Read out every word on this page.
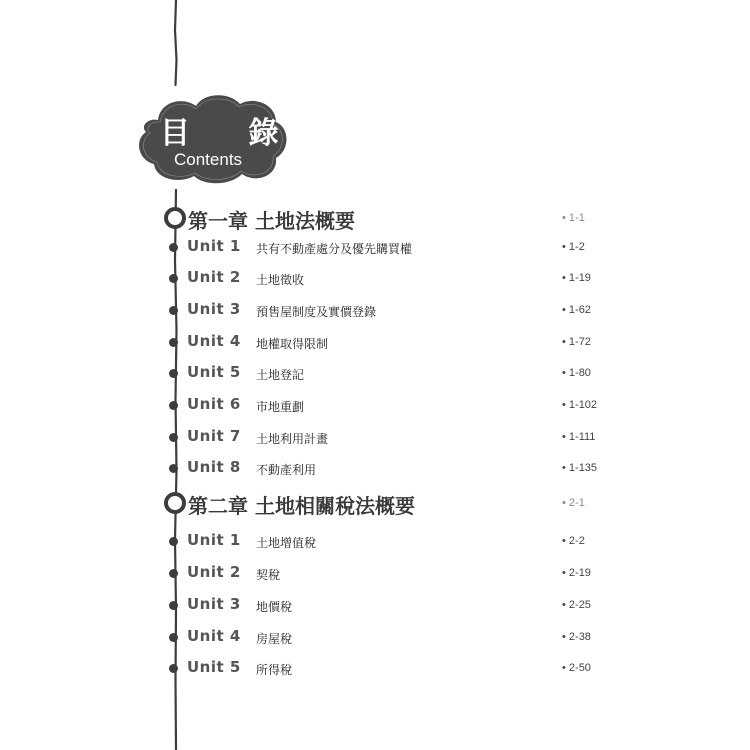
目 錄
Contents
第一章 土地法概要	• 1-1
Unit 1 共有不動產處分及優先購買權	• 1-2
Unit 2 土地徵收	• 1-19
Unit 3 預售屋制度及實價登錄	• 1-62
Unit 4 地權取得限制	• 1-72
Unit 5 土地登記	• 1-80
Unit 6 市地重劃	• 1-102
Unit 7 土地利用計畫	• 1-111
Unit 8 不動產利用	• 1-135
第二章 土地相關稅法概要	• 2-1
Unit 1 土地增值稅	• 2-2
Unit 2 契稅	• 2-19
Unit 3 地價稅	• 2-25
Unit 4 房屋稅	• 2-38
Unit 5 所得稅	• 2-50
